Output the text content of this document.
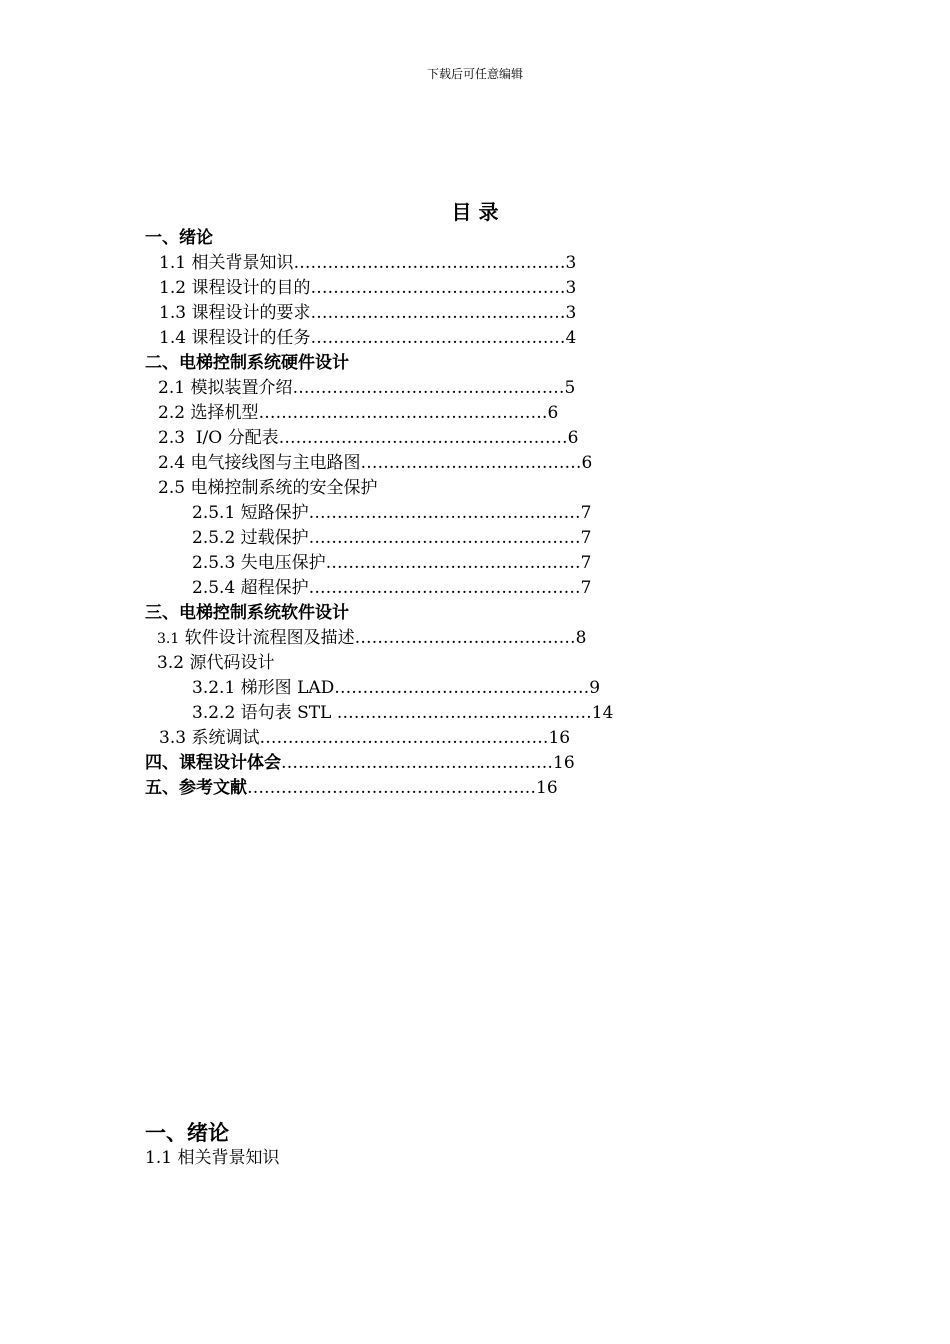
下载后可任意编辑
目 录
一、绪论
1.1 相关背景知识…………………………………………3
1.2 课程设计的目的………………………………………3
1.3 课程设计的要求………………………………………3
1.4 课程设计的任务………………………………………4
二、电梯控制系统硬件设计
2.1 模拟装置介绍…………………………………………5
2.2 选择机型……………………………………………6
2.3  I/O 分配表……………………………………………6
2.4 电气接线图与主电路图…………………………………6
2.5 电梯控制系统的安全保护
2.5.1 短路保护…………………………………………7
2.5.2 过载保护…………………………………………7
2.5.3 失电压保护………………………………………7
2.5.4 超程保护…………………………………………7
三、电梯控制系统软件设计
3.1 软件设计流程图及描述…………………………………8
3.2 源代码设计
3.2.1 梯形图 LAD………………………………………9
3.2.2 语句表 STL ………………………………………14
3.3 系统调试……………………………………………16
四、课程设计体会…………………………………………16
五、参考文献……………………………………………16
一、绪论
1.1 相关背景知识
